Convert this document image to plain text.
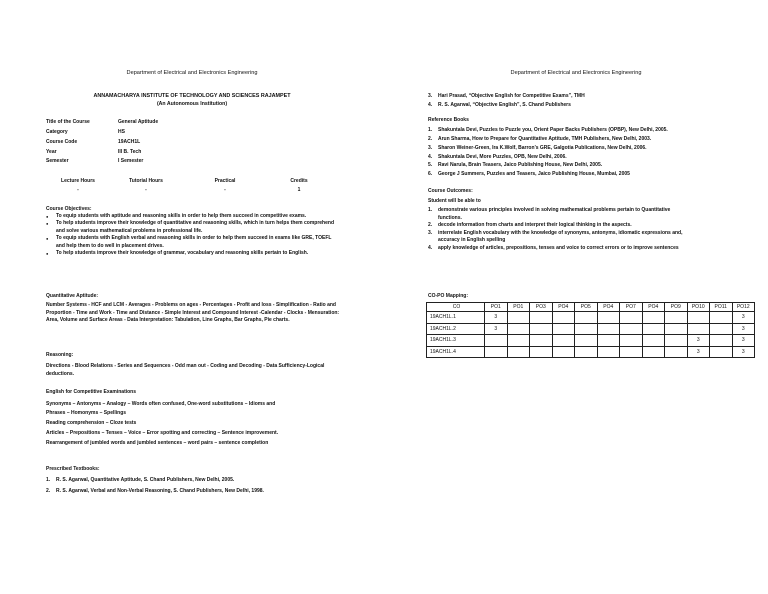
Department of Electrical and Electronics Engineering
ANNAMACHARYA INSTITUTE OF TECHNOLOGY AND SCIENCES RAJAMPET
(An Autonomous Institution)
Title of the Course	General Aptitude
Category	HS
Course Code	19ACH1L
Year	III B. Tech
Semester	I Semester
Lecture Hours	Tutorial Hours	Practical	Credits
-	-	-	1
Course Objectives:
● To equip students with aptitude and reasoning skills in order to help them succeed in competitive exams.
● To help students improve their knowledge of quantitative and reasoning skills, which in turn helps them comprehend and solve various mathematical problems in professional life.
● To equip students with English verbal and reasoning skills in order to help them succeed in exams like GRE, TOEFL and help them to do well in placement drives.
● To help students improve their knowledge of grammar, vocabulary and reasoning skills pertain to English.
Quantitative Aptitude:
Number Systems - HCF and LCM - Averages - Problems on ages - Percentages - Profit and loss - Simplification - Ratio and Proportion - Time and Work - Time and Distance - Simple Interest and Compound Interest -Calendar - Clocks - Mensuration: Area, Volume and Surface Areas - Data Interpretation: Tabulation, Line Graphs, Bar Graphs, Pie charts.
Reasoning:
Directions - Blood Relations - Series and Sequences - Odd man out - Coding and Decoding - Data Sufficiency-Logical deductions.
English for Competitive Examinations
Synonyms – Antonyms – Analogy – Words often confused, One-word substitutions – Idioms and
Phrases – Homonyms – Spellings
Reading comprehension – Cloze tests
Articles – Prepositions – Tenses – Voice – Error spotting and correcting – Sentence improvement.
Rearrangement of jumbled words and jumbled sentences – word pairs – sentence completion
Prescribed Textbooks:
1. R. S. Agarwal, Quantitative Aptitude, S. Chand Publishers, New Delhi, 2005.
2. R. S. Agarwal, Verbal and Non-Verbal Reasoning, S. Chand Publishers, New Delhi, 1998.
Department of Electrical and Electronics Engineering
3. Hari Prasad, “Objective English for Competitive Exams”, TMH
4. R. S. Agarwal, “Objective English”, S. Chand Publishers
Reference Books
1. Shakuntala Devi, Puzzles to Puzzle you, Orient Paper Backs Publishers (OPBP), New Delhi, 2005.
2. Arun Sharma, How to Prepare for Quantitative Aptitude, TMH Publishers, New Delhi, 2003.
3. Sharon Weiner-Green, Ira K.Wolf, Barron’s GRE, Galgotia Publications, New Delhi, 2006.
4. Shakuntala Devi, More Puzzles, OPB, New Delhi, 2006.
5. Ravi Narula, Brain Teasers, Jaico Publishing House, New Delhi, 2005.
6. George J Summers, Puzzles and Teasers, Jaico Publishing House, Mumbai, 2005
Course Outcomes:
Student will be able to
1. demonstrate various principles involved in solving mathematical problems pertain to Quantitative functions.
2. decode information from charts and interpret their logical thinking in the aspects.
3. interrelate English vocabulary with the knowledge of synonyms, antonyms, idiomatic expressions and, accuracy in English spelling
4. apply knowledge of articles, prepositions, tenses and voice to correct errors or to improve sentences
CO-PO Mapping:
CO	PO1	PO1	PO3	PO4	PO5	PO4	PO7	PO4	PO9	PO10	PO11	PO12
19ACH1L.1	3											3
19ACH1L.2	3											3
19ACH1L.3										3		3
19ACH1L.4										3		3
